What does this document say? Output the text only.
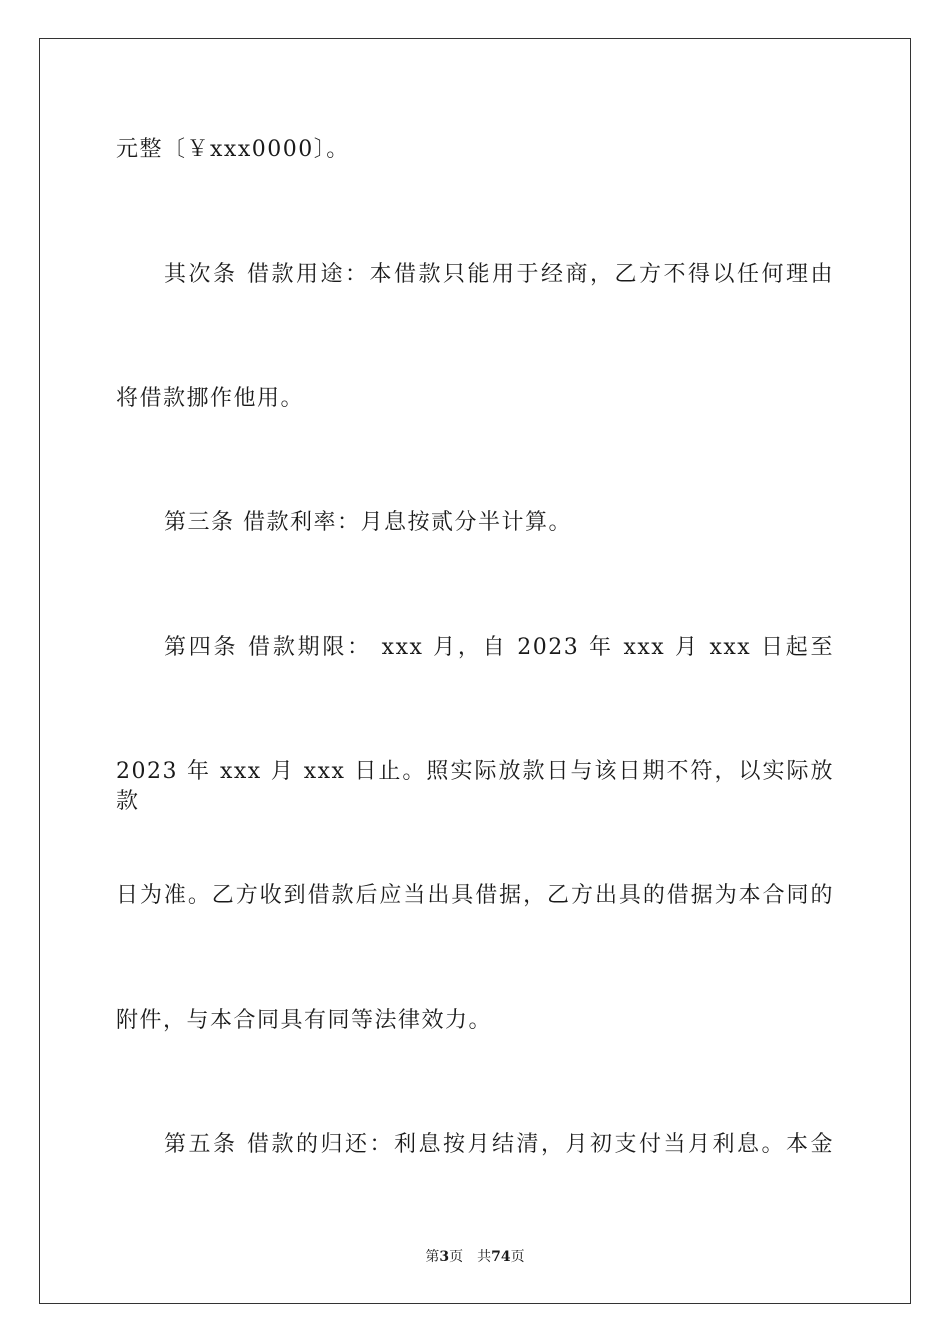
元整〔￥xxx0000〕。
其次条 借款用途：本借款只能用于经商，乙方不得以任何理由
将借款挪作他用。
第三条 借款利率：月息按贰分半计算。
第四条 借款期限： xxx 月，自 2023 年 xxx 月 xxx 日起至
2023 年 xxx 月 xxx 日止。照实际放款日与该日期不符，以实际放款
日为准。乙方收到借款后应当出具借据，乙方出具的借据为本合同的
附件，与本合同具有同等法律效力。
第五条 借款的归还：利息按月结清，月初支付当月利息。本金
第3页 共74页
